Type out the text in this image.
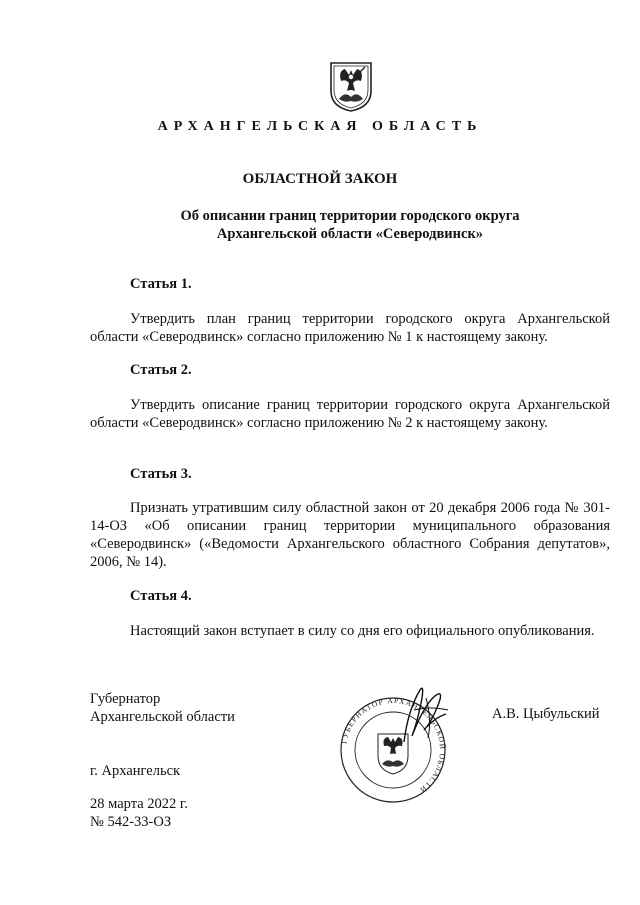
АРХАНГЕЛЬСКАЯ ОБЛАСТЬ

ОБЛАСТНОЙ ЗАКОН

Об описании границ территории городского округа
Архангельской области «Северодвинск»

Статья 1.

Утвердить план границ территории городского округа Архангельской области «Северодвинск» согласно приложению № 1 к настоящему закону.

Статья 2.

Утвердить описание границ территории городского округа Архангельской области «Северодвинск» согласно приложению № 2 к настоящему закону.

Статья 3.

Признать утратившим силу областной закон от 20 декабря 2006 года № 301-14-ОЗ «Об описании границ территории муниципального образования «Северодвинск» («Ведомости Архангельского областного Собрания депутатов», 2006, № 14).

Статья 4.

Настоящий закон вступает в силу со дня его официального опубликования.

Губернатор
Архангельской области	А.В. Цыбульский

ГУБЕРНАТОР АРХАНГЕЛЬСКОЙ ОБЛАСТИ

г. Архангельск

28 марта 2022 г.
№ 542-33-ОЗ
